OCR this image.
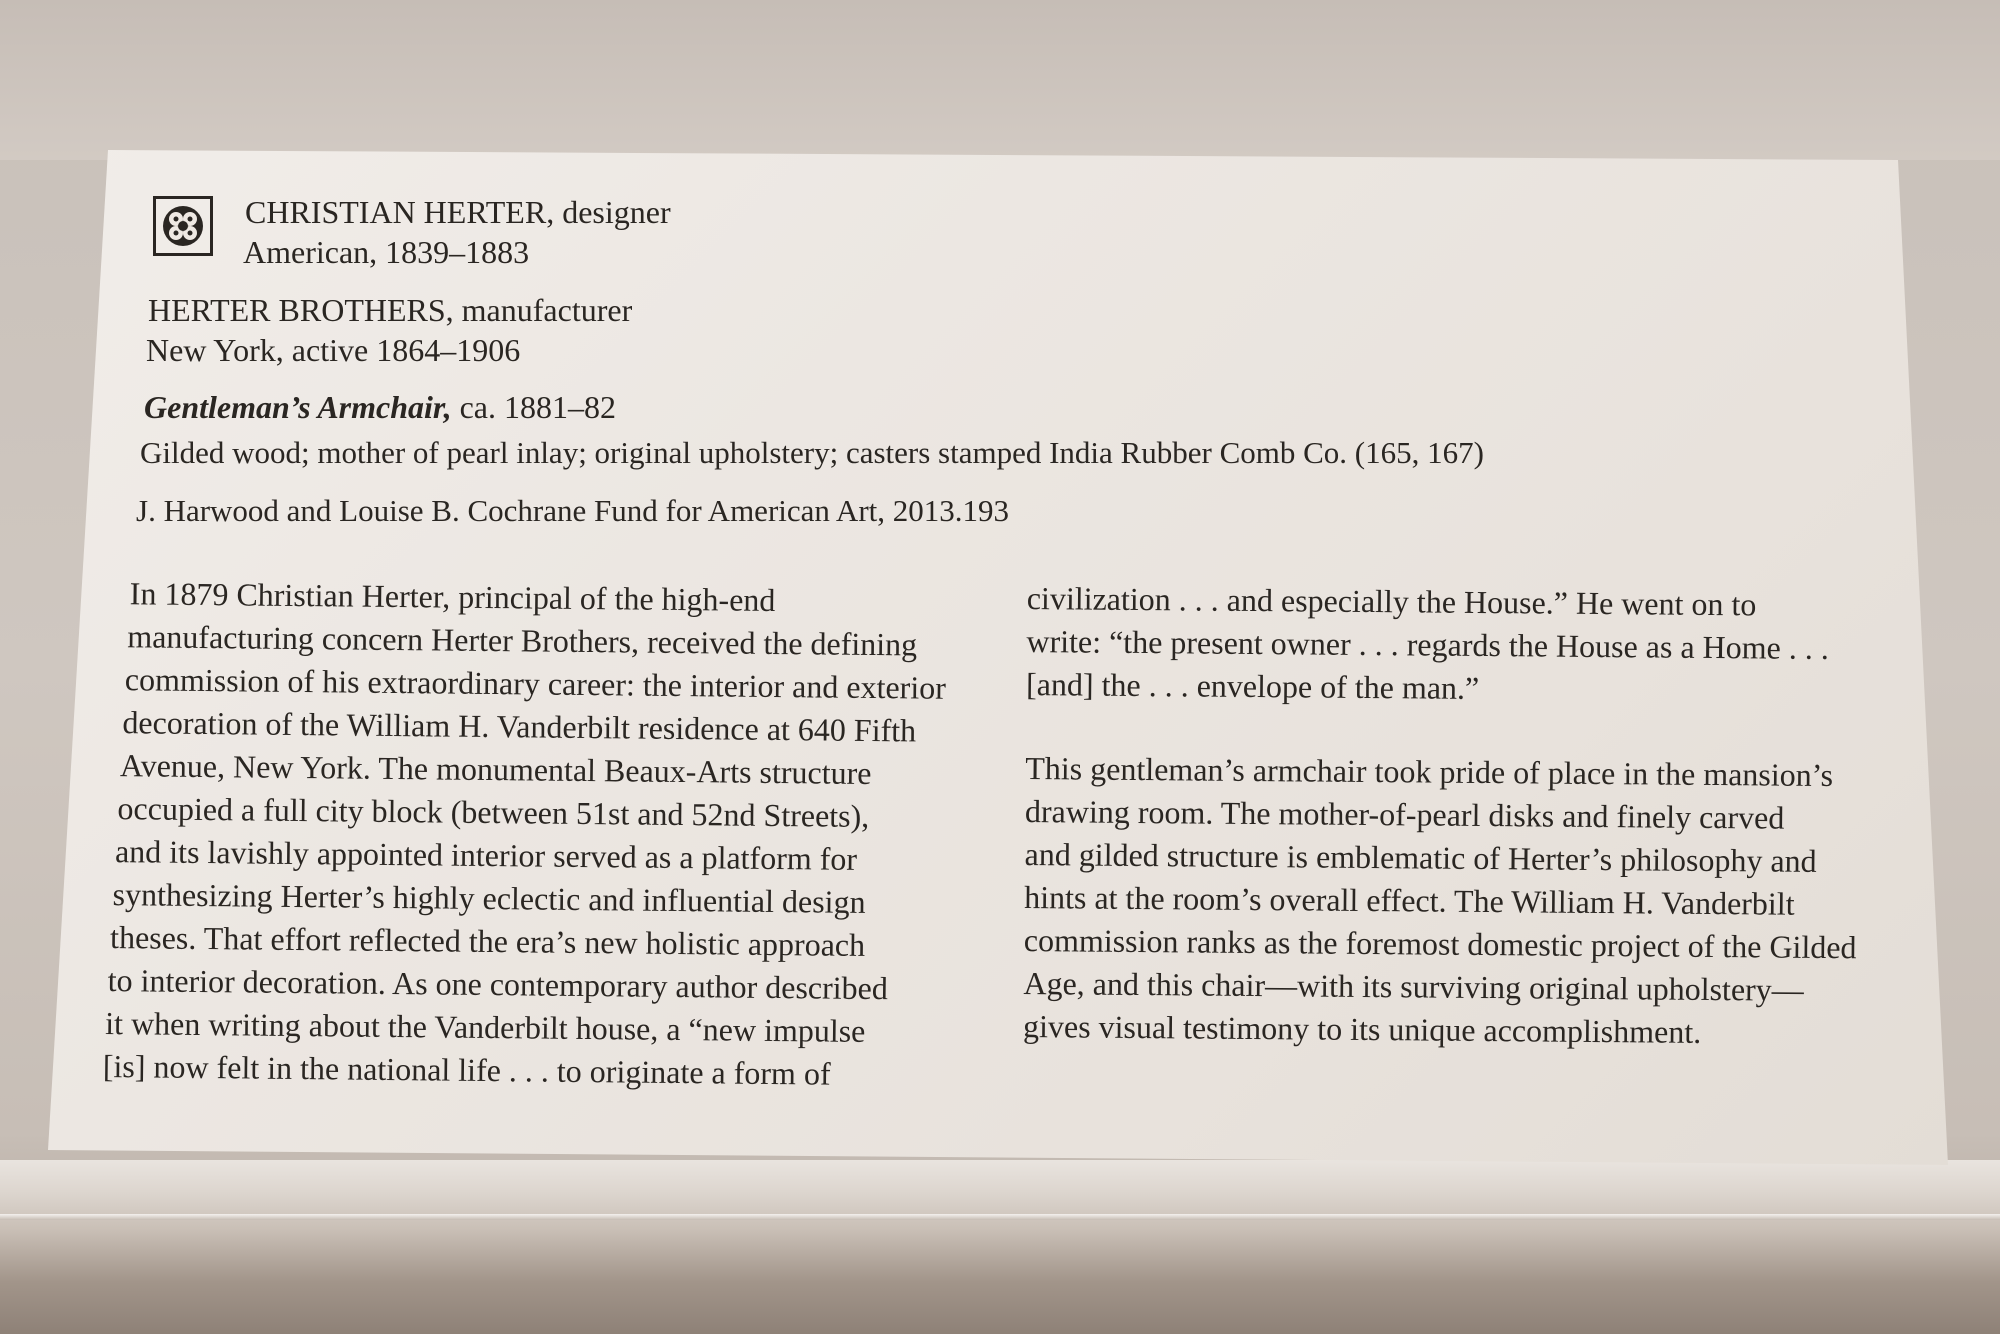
CHRISTIAN HERTER, designer
American, 1839–1883
HERTER BROTHERS, manufacturer
New York, active 1864–1906
Gentleman’s Armchair, ca. 1881–82
Gilded wood; mother of pearl inlay; original upholstery; casters stamped India Rubber Comb Co. (165, 167)
J. Harwood and Louise B. Cochrane Fund for American Art, 2013.193
In 1879 Christian Herter, principal of the high-end
manufacturing concern Herter Brothers, received the defining
commission of his extraordinary career: the interior and exterior
decoration of the William H. Vanderbilt residence at 640 Fifth
Avenue, New York. The monumental Beaux-Arts structure
occupied a full city block (between 51st and 52nd Streets),
and its lavishly appointed interior served as a platform for
synthesizing Herter’s highly eclectic and influential design
theses. That effort reflected the era’s new holistic approach
to interior decoration. As one contemporary author described
it when writing about the Vanderbilt house, a “new impulse
[is] now felt in the national life . . . to originate a form of
civilization . . . and especially the House.” He went on to
write: “the present owner . . . regards the House as a Home . . .
[and] the . . . envelope of the man.”
This gentleman’s armchair took pride of place in the mansion’s
drawing room. The mother-of-pearl disks and finely carved
and gilded structure is emblematic of Herter’s philosophy and
hints at the room’s overall effect. The William H. Vanderbilt
commission ranks as the foremost domestic project of the Gilded
Age, and this chair—with its surviving original upholstery—
gives visual testimony to its unique accomplishment.
